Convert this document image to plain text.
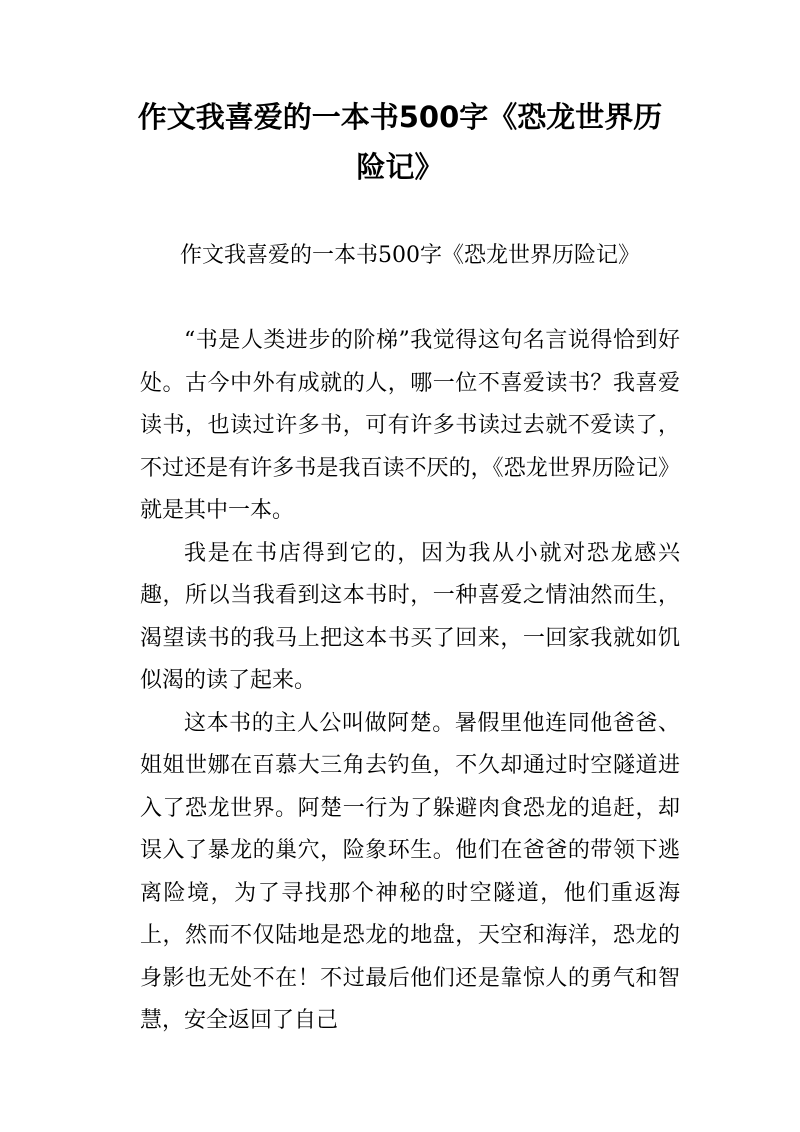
作文我喜爱的一本书500字《恐龙世界历险记》
作文我喜爱的一本书500字《恐龙世界历险记》

“书是人类进步的阶梯”我觉得这句名言说得恰到好处。古今中外有成就的人，哪一位不喜爱读书？我喜爱读书，也读过许多书，可有许多书读过去就不爱读了，不过还是有许多书是我百读不厌的，《恐龙世界历险记》就是其中一本。

我是在书店得到它的，因为我从小就对恐龙感兴趣，所以当我看到这本书时，一种喜爱之情油然而生，渴望读书的我马上把这本书买了回来，一回家我就如饥似渴的读了起来。

这本书的主人公叫做阿楚。暑假里他连同他爸爸、姐姐世娜在百慕大三角去钓鱼，不久却通过时空隧道进入了恐龙世界。阿楚一行为了躲避肉食恐龙的追赶，却误入了暴龙的巢穴，险象环生。他们在爸爸的带领下逃离险境，为了寻找那个神秘的时空隧道，他们重返海上，然而不仅陆地是恐龙的地盘，天空和海洋，恐龙的身影也无处不在！不过最后他们还是靠惊人的勇气和智慧，安全返回了自己
